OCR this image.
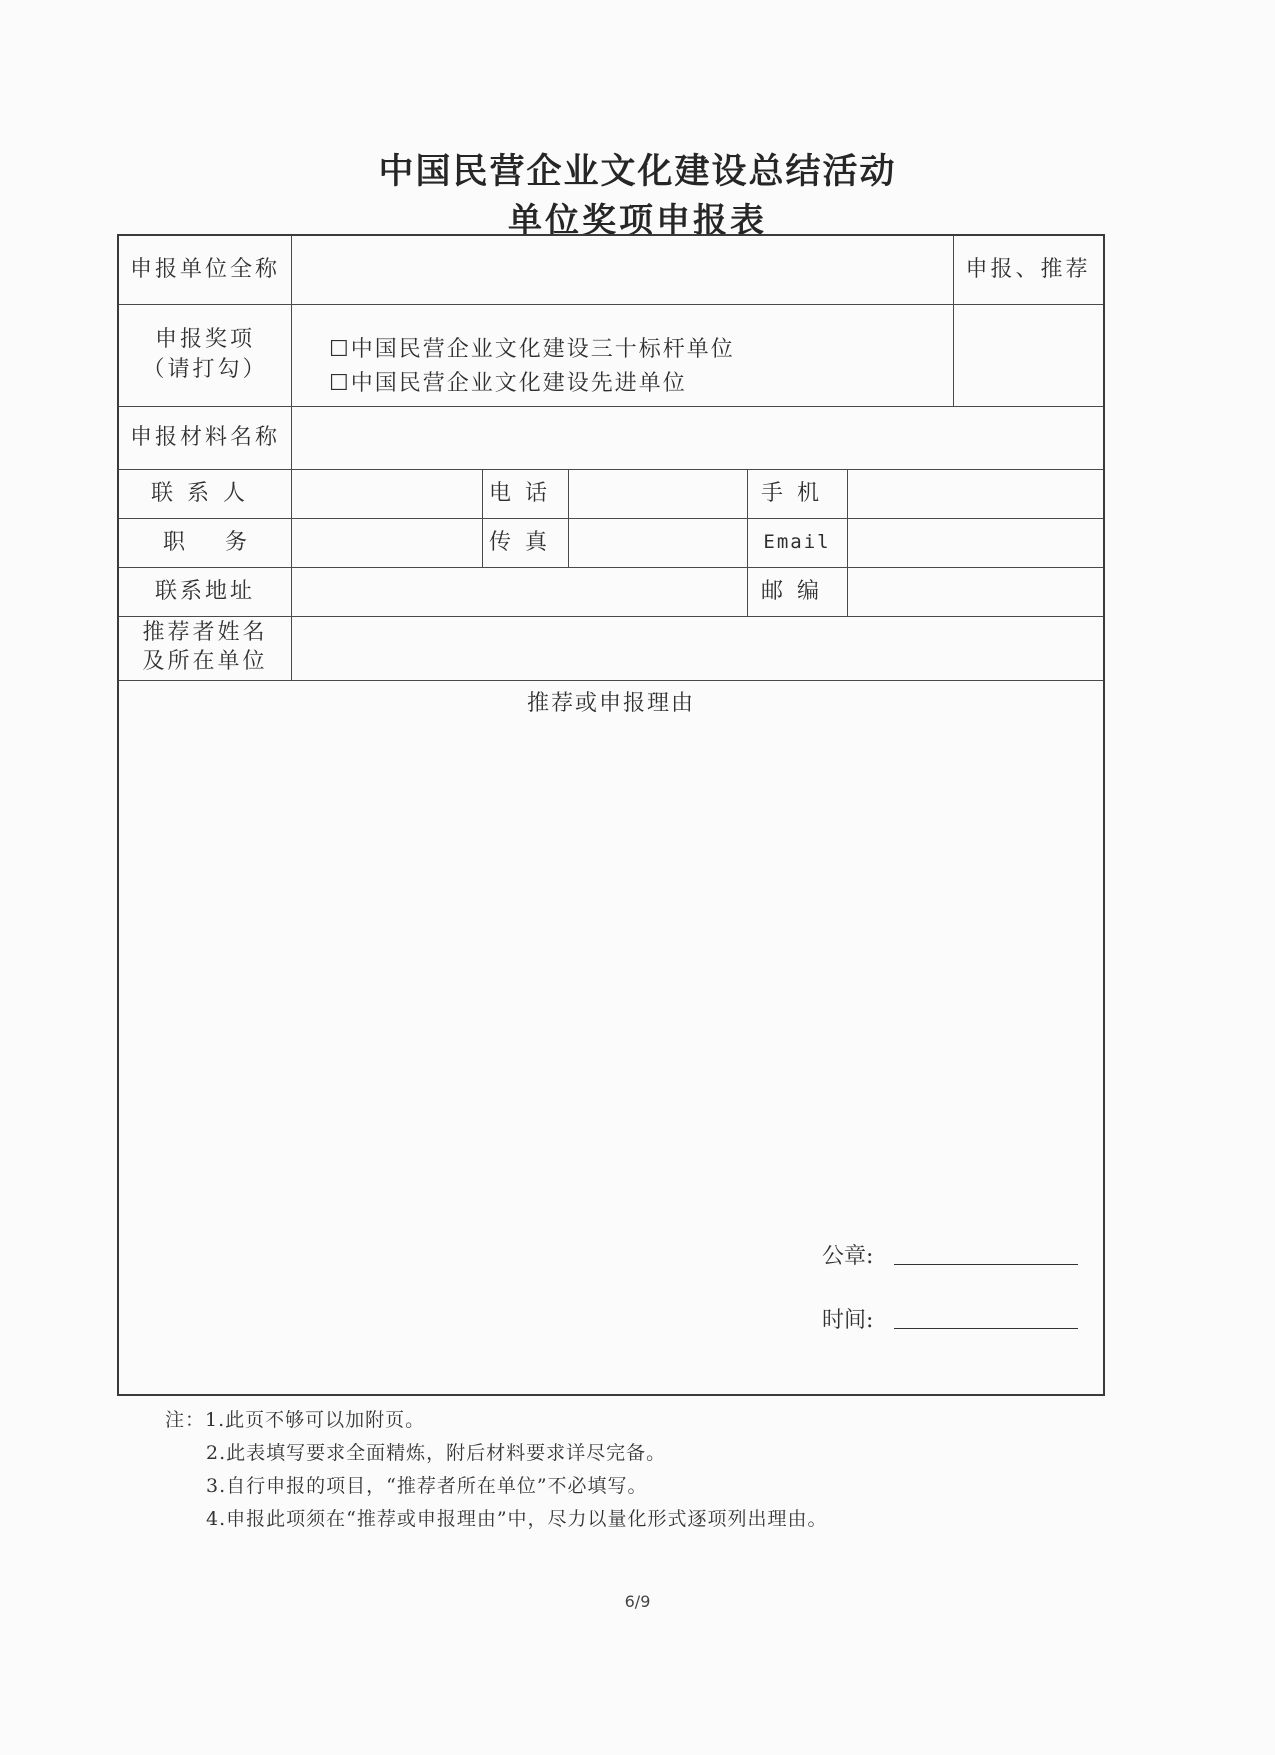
中国民营企业文化建设总结活动
单位奖项申报表
申报单位全称	申报、推荐
申报奖项
（请打勾）
☐中国民营企业文化建设三十标杆单位
☐中国民营企业文化建设先进单位
申报材料名称
联系人	电话	手机
职务	传真	Email
联系地址	邮编
推荐者姓名
及所在单位
推荐或申报理由
公章:
时间:
注：1.此页不够可以加附页。
2.此表填写要求全面精炼，附后材料要求详尽完备。
3.自行申报的项目，“推荐者所在单位”不必填写。
4.申报此项须在“推荐或申报理由”中，尽力以量化形式逐项列出理由。
6/9
